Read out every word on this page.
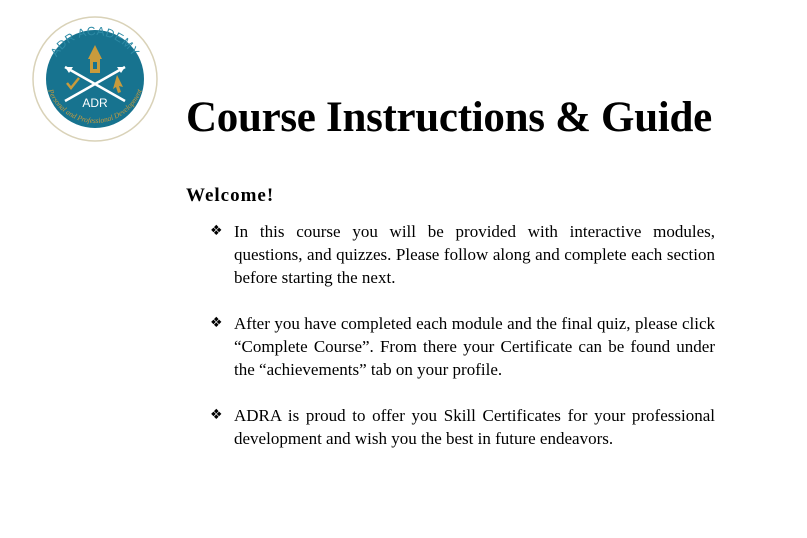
ADR ACADEMY
Personal and Professional Development
ADR Course Instructions & Guide
Welcome!
❖ In this course you will be provided with interactive modules, questions, and quizzes. Please follow along and complete each section before starting the next.
❖ After you have completed each module and the final quiz, please click “Complete Course”. From there your Certificate can be found under the “achievements” tab on your profile.
❖ ADRA is proud to offer you Skill Certificates for your professional development and wish you the best in future endeavors.
